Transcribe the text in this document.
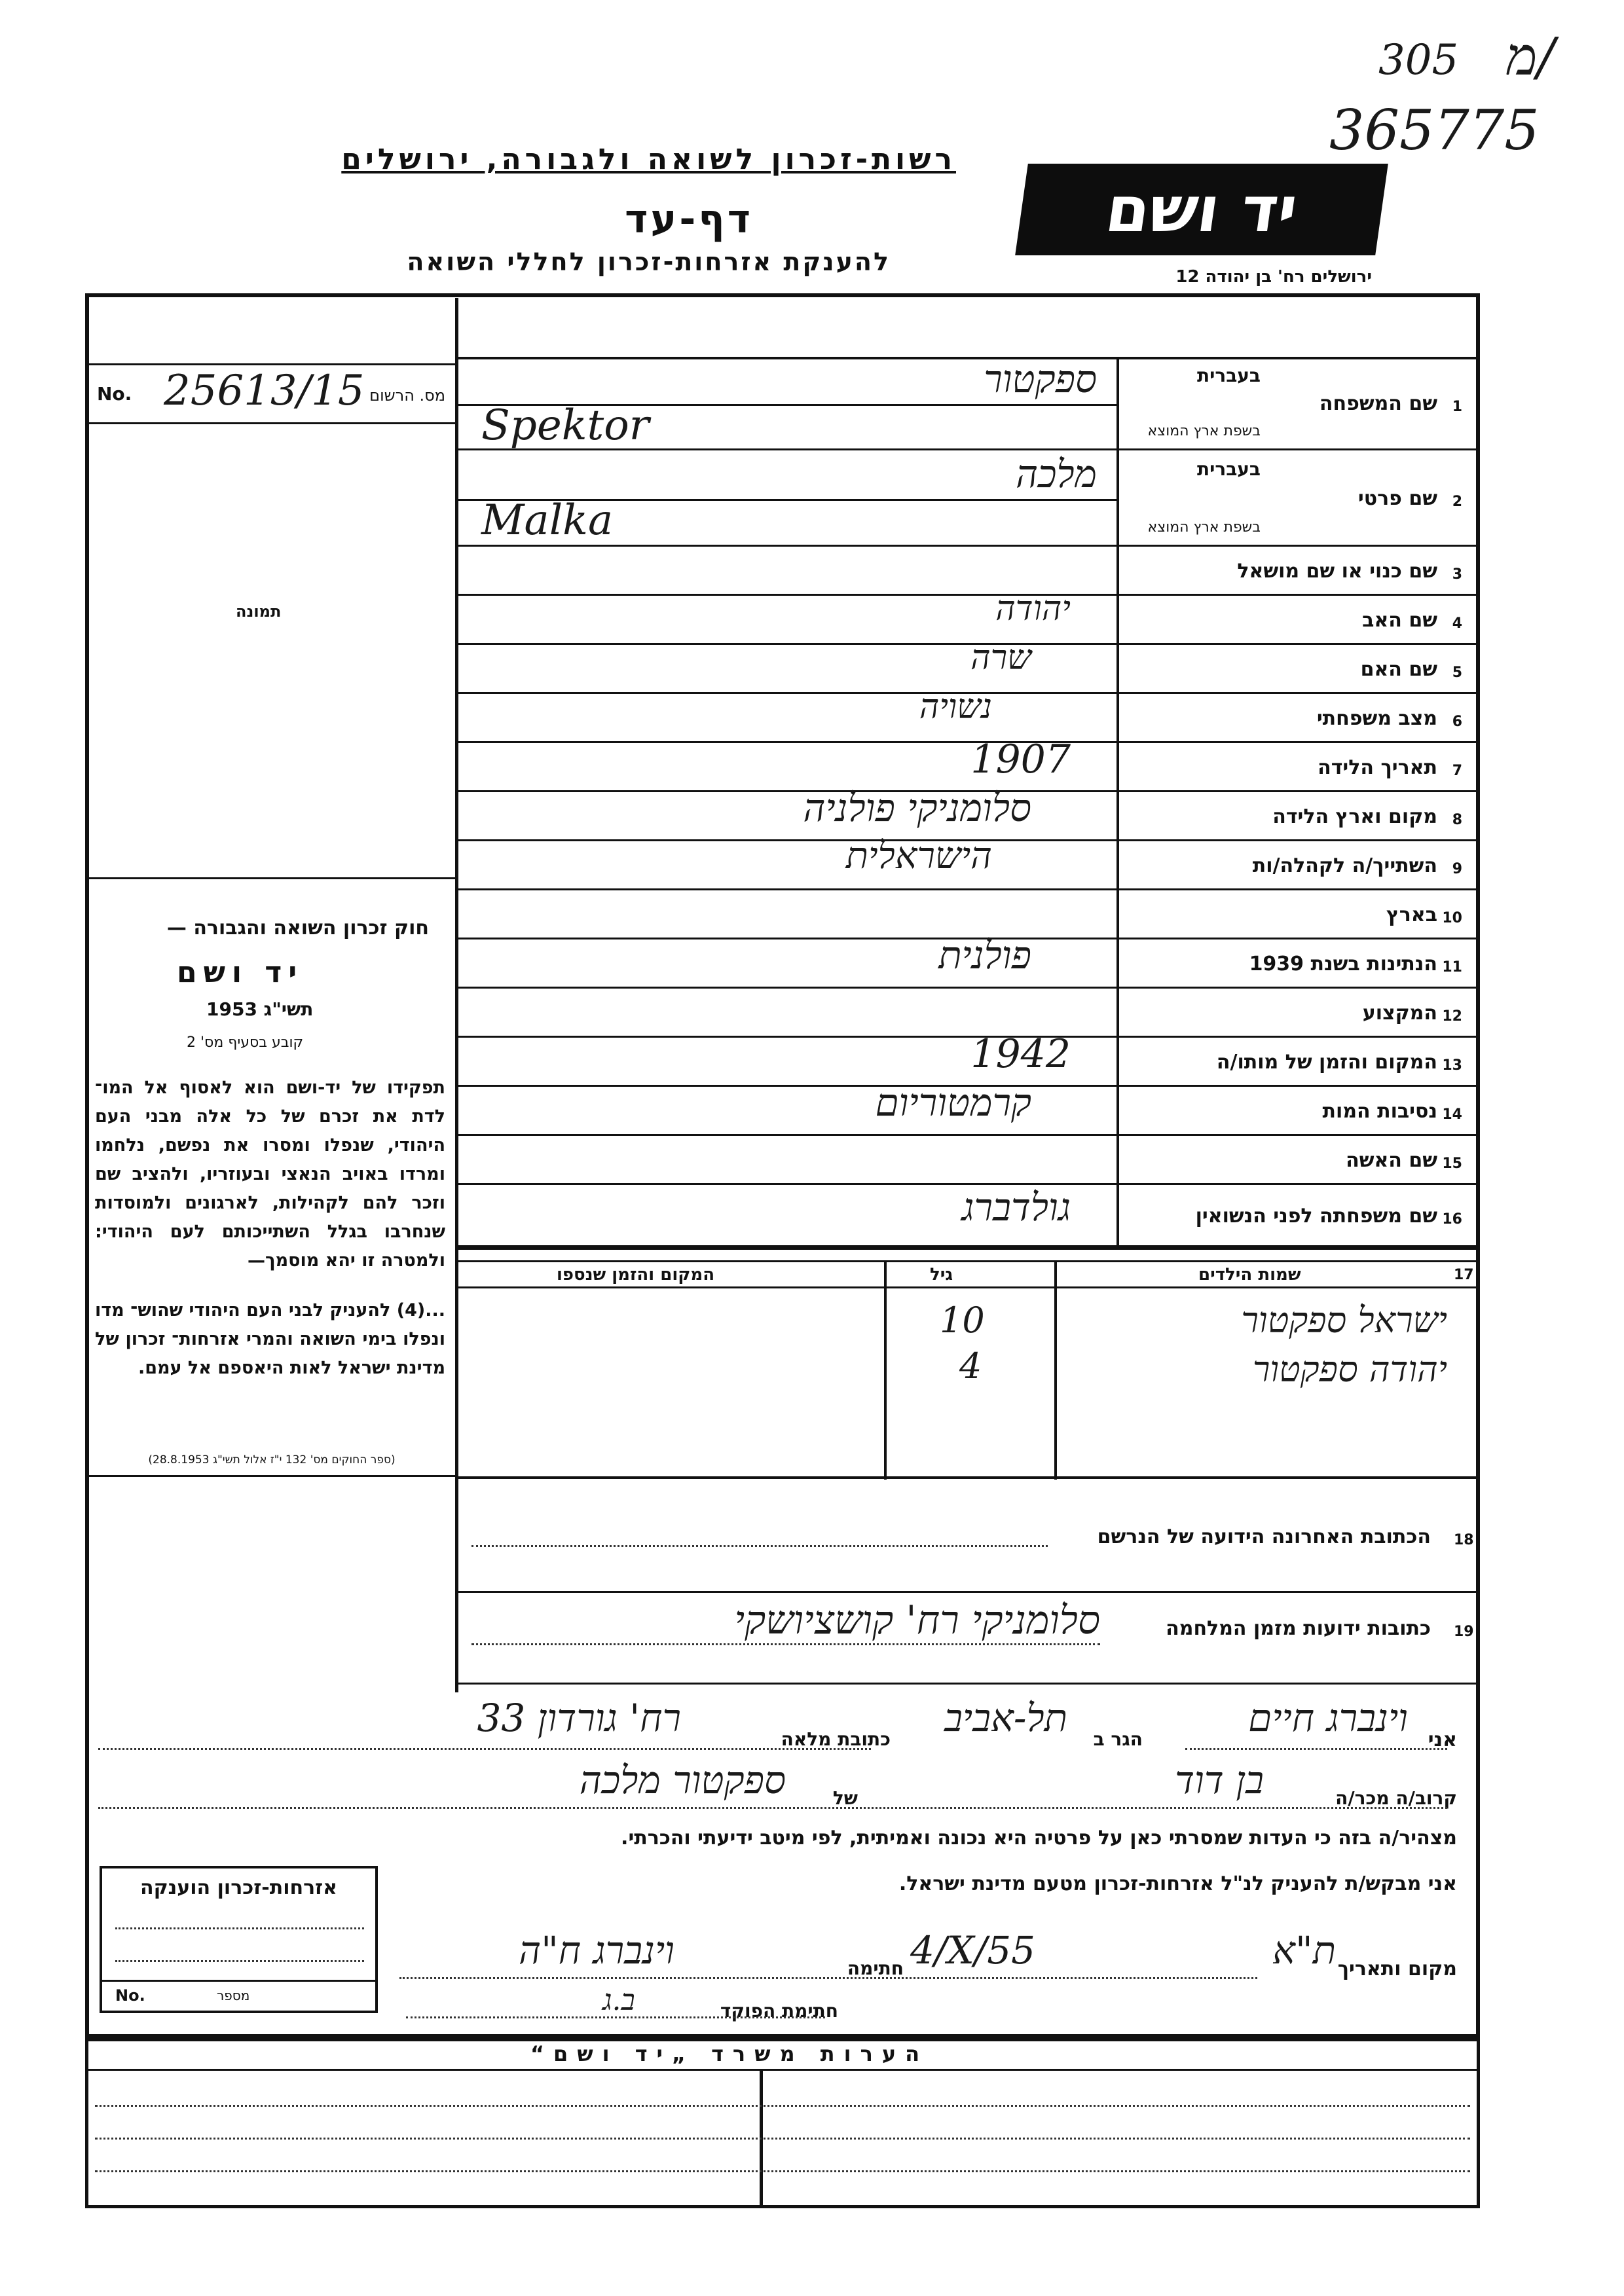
305
365775
מ/
רשות-זכרון לשואה ולגבורה, ירושלים
דף-עד
להענקת אזרחות-זכרון לחללי השואה
יד ושם
ירושלים רח' בן יהודה 12
No. 25613/15 מס. הרשום
תמונה
חוק זכרון השואה והגבורה —
יד ושם
תשי"ג 1953
קובע בסעיף מס' 2
תפקידו של יד-ושם הוא לאסוף אל המו־ לדת את זכרם של כל אלה מבני העם היהודי, שנפלו ומסרו את נפשם, נלחמו ומרדו באויב הנאצי ובעוזריו, ולהציב שם וזכר להם לקהילות, לארגונים ולמוסדות שנחרבו בגלל השתייכותם לעם היהודי: ולמטרה זו יהא מוסמך—
...(4) להעניק לבני העם היהודי שהוש־ מדו ונפלו בימי השואה והמרי אזרחות־ זכרון של מדינת ישראל לאות היאספם אל עמם.
(ספר החוקים מס' 132 י"ז אלול תשי"ג 28.8.1953)
1
שם המשפחה
בעברית
בשפת ארץ המוצא
ספקטור
Spektor
2
שם פרטי
בעברית
בשפת ארץ המוצא
מלכה
Malka
3
שם כנוי או שם מושאל
4
שם האב
יהודה
5
שם האם
שרה
6
מצב משפחתי
נשויה
7
תאריך הלידה
1907
8
מקום וארץ הלידה
סלומניקי פולניה
9
השתייך/ה לקהלה/ות
הישראלית
10
בארץ
11
הנתינות בשנת 1939
פולנית
12
המקצוע
13
המקום והזמן של מותו/ה
1942
14
נסיבות המות
קרמטוריום
15
שם האשה
16
שם משפחתה לפני הנשואין
גולדברג
17
שמות הילדים
גיל
המקום והזמן שנספו
ישראל ספקטור
10
יהודה ספקטור
4
18
הכתובת האחרונה הידועה של הנרשם
19
כתובות ידועות מזמן המלחמה
סלומניקי רח' קושציושקי
אני
וינברג חיים
הגר ב
תל-אביב
כתובת מלאה
רח' גורדון 33
קרוב/ה מכר/ה
בן דוד
של
ספקטור מלכה
מצהיר/ה בזה כי העדות שמסרתי כאן על פרטיה היא נכונה ואמיתית, לפי מיטב ידיעתי והכרתי.
אני מבקש/ת להעניק לנ"ל אזרחות-זכרון מטעם מדינת ישראל.
מקום ותאריך
ת"א
4/X/55
חתימה
וינברג ח"ה
חתימת הפוקד
ב.ג
אזרחות-זכרון הוענקה
No.	מספר
הערות משרד „יד ושם“
